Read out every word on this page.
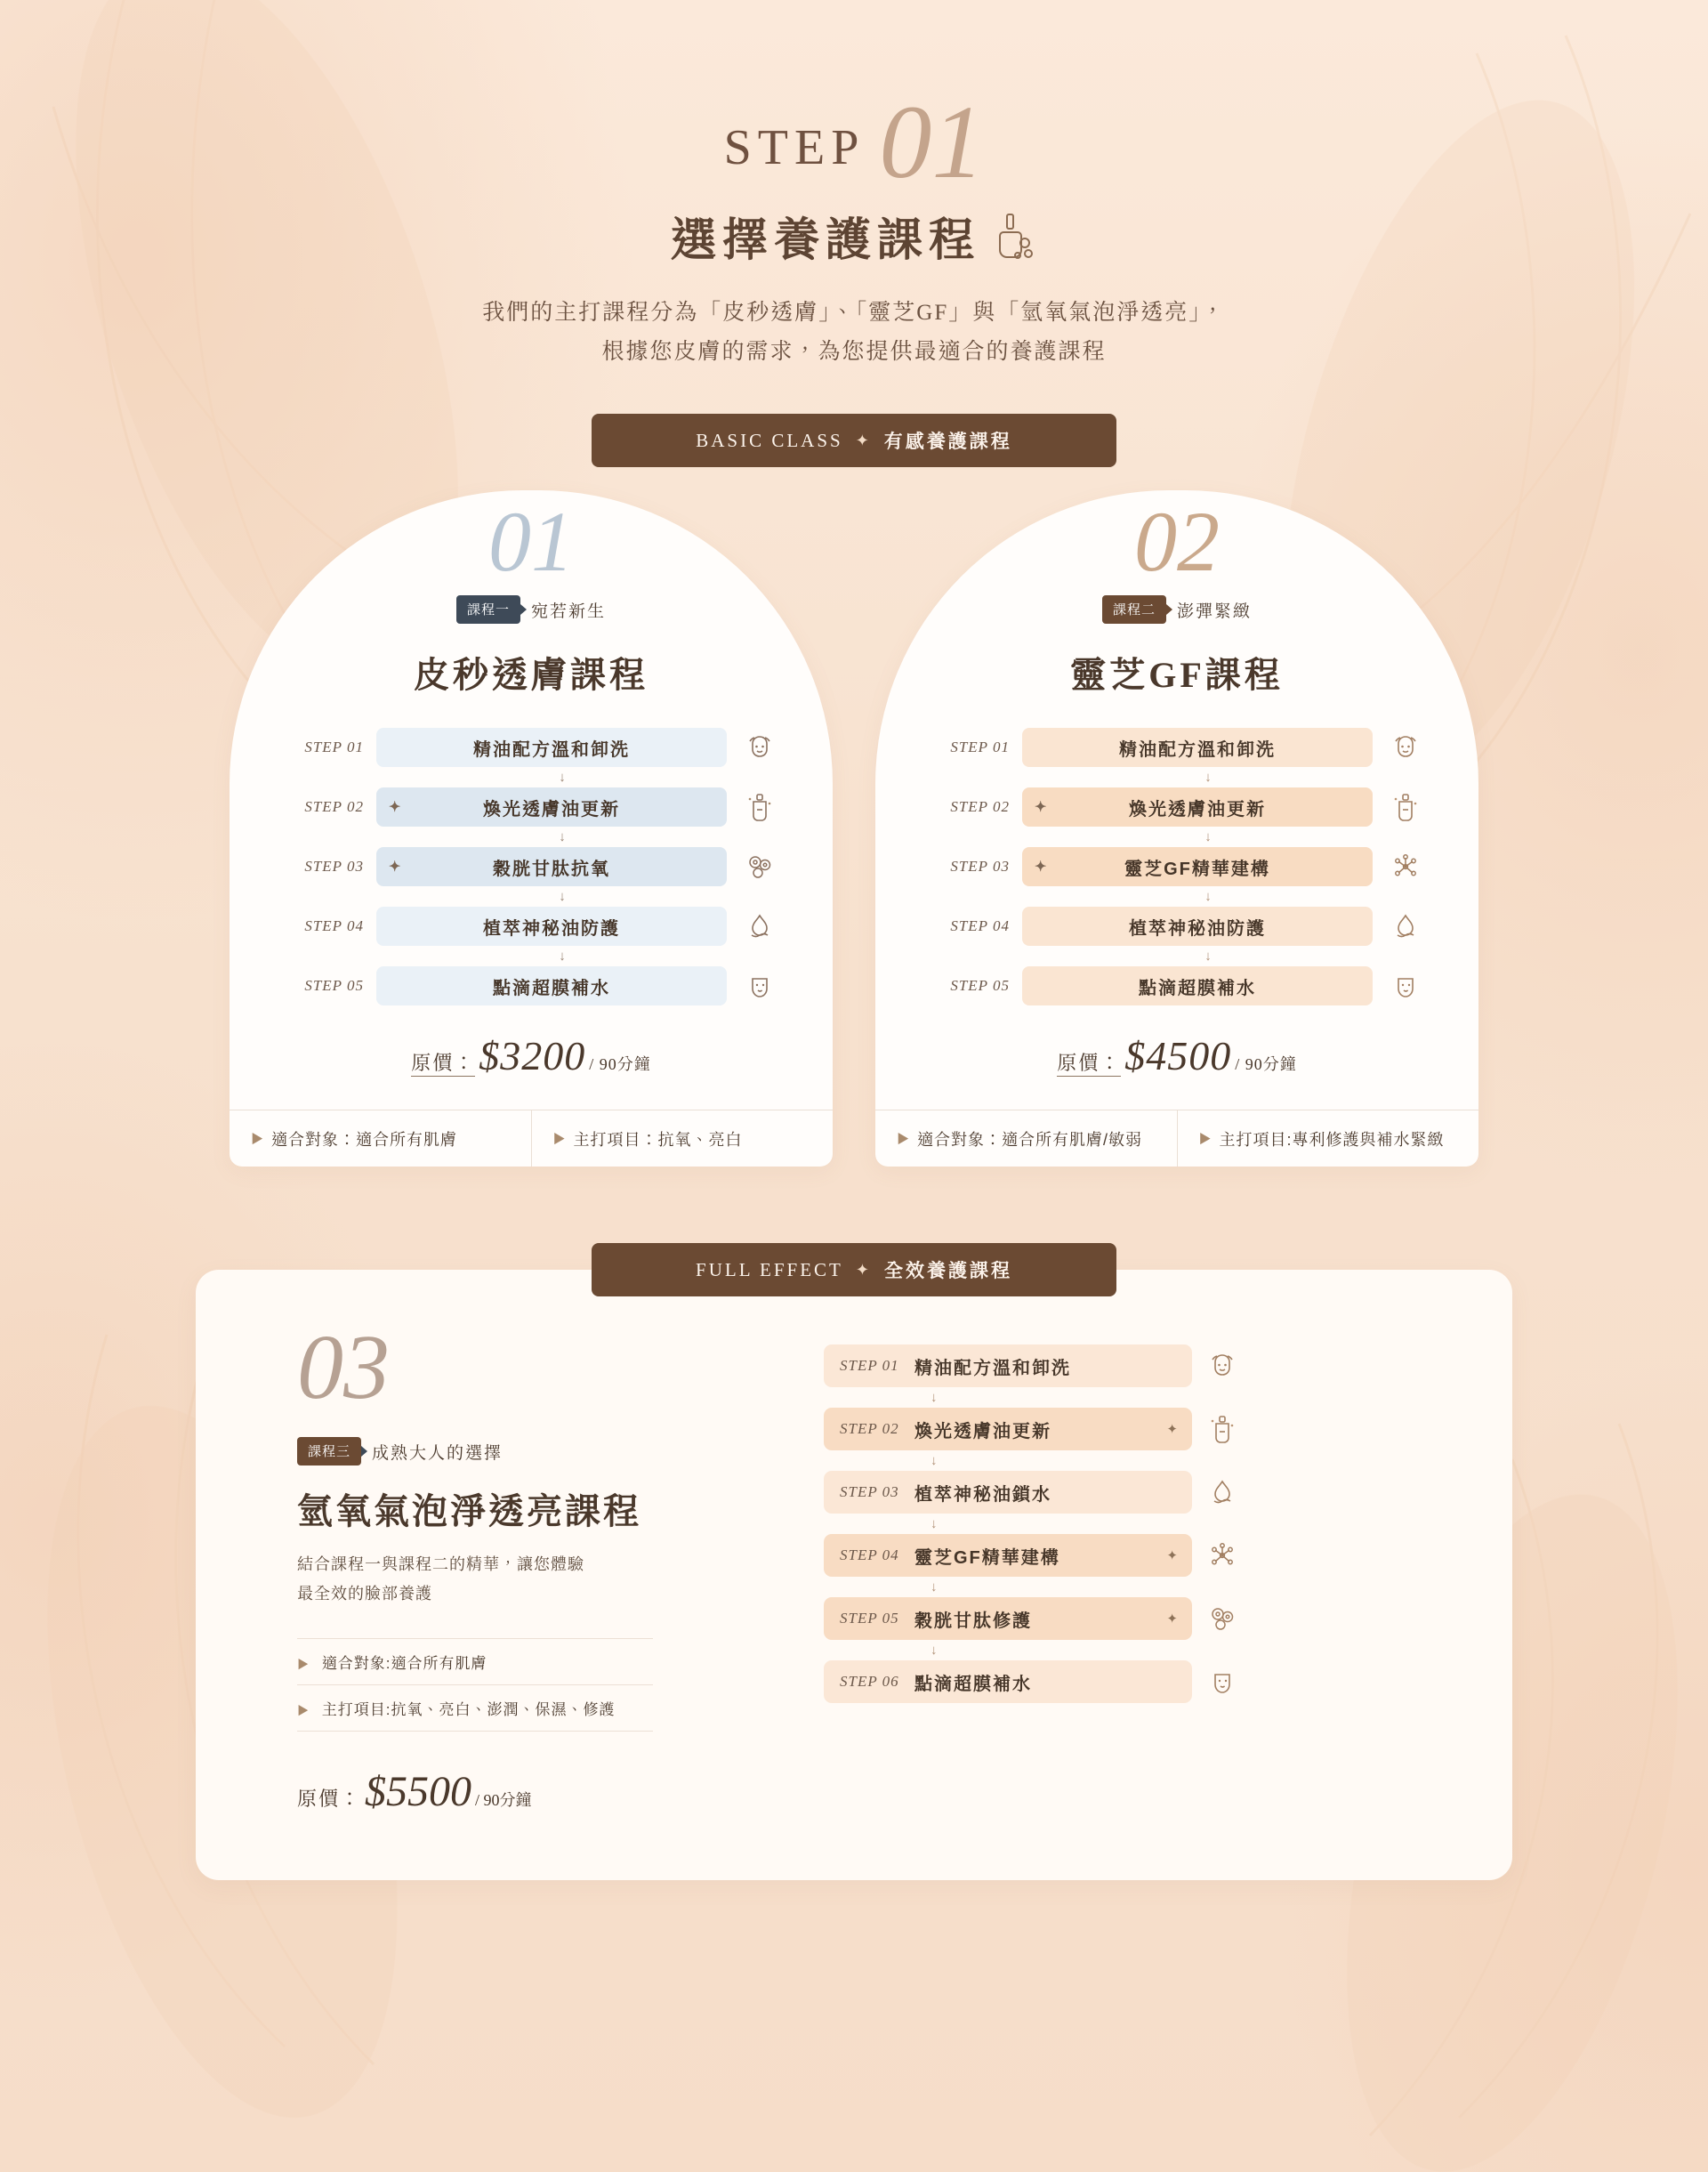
STEP 01
選擇養護課程
我們的主打課程分為「皮秒透膚」、「靈芝GF」與「氫氧氣泡淨透亮」，
根據您皮膚的需求，為您提供最適合的養護課程
BASIC CLASS ✦ 有感養護課程
01
課程一	宛若新生
皮秒透膚課程
STEP 01	精油配方溫和卸洗
↓
STEP 02 ✦	煥光透膚油更新
↓
STEP 03 ✦	穀胱甘肽抗氧
↓
STEP 04	植萃神秘油防護
↓
STEP 05	點滴超膜補水
原價： $3200 / 90分鐘
▶ 適合對象：適合所有肌膚	▶ 主打項目：抗氧、亮白
02
課程二	澎彈緊緻
靈芝GF課程
STEP 01	精油配方溫和卸洗
↓
STEP 02 ✦	煥光透膚油更新
↓
STEP 03 ✦	靈芝GF精華建構
↓
STEP 04	植萃神秘油防護
↓
STEP 05	點滴超膜補水
原價： $4500 / 90分鐘
▶ 適合對象：適合所有肌膚/敏弱	▶ 主打項目:專利修護與補水緊緻
FULL EFFECT ✦ 全效養護課程
03
課程三	成熟大人的選擇
氫氧氣泡淨透亮課程
結合課程一與課程二的精華，讓您體驗
最全效的臉部養護
▶ 適合對象:適合所有肌膚
▶ 主打項目:抗氧、亮白、澎潤、保濕、修護
原價： $5500 / 90分鐘
STEP 01 精油配方溫和卸洗
↓
STEP 02 煥光透膚油更新	✦
↓
STEP 03 植萃神秘油鎖水
↓
STEP 04 靈芝GF精華建構	✦
↓
STEP 05 穀胱甘肽修護	✦
↓
STEP 06 點滴超膜補水
